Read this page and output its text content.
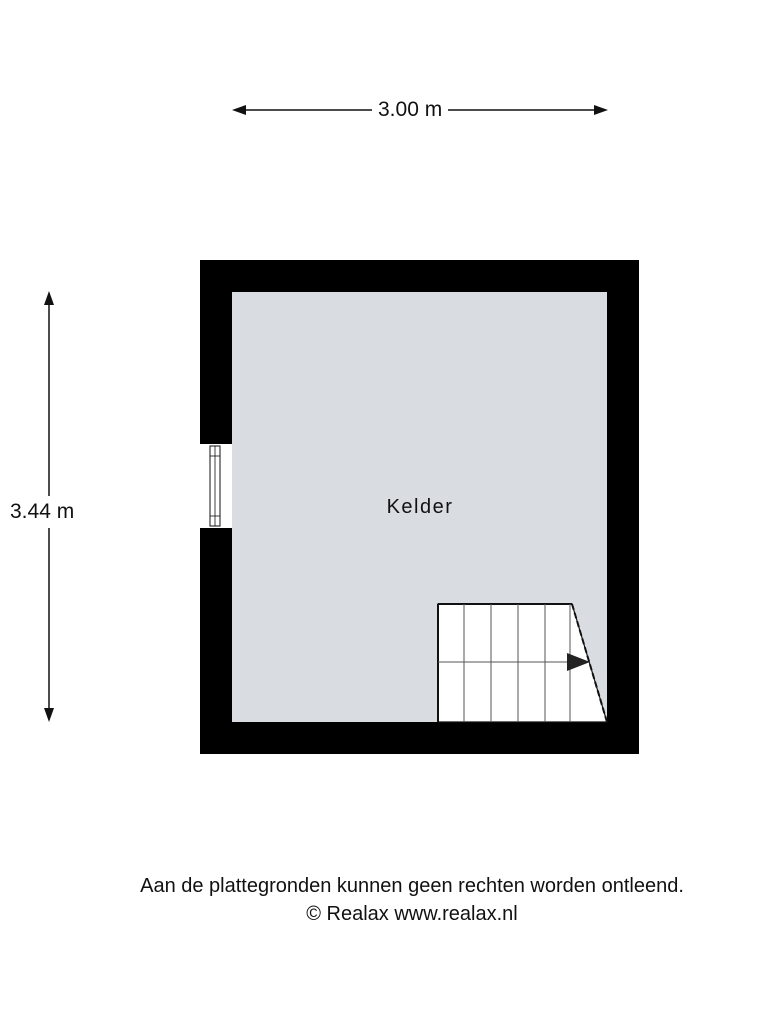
3.00 m
3.44 m	Kelder
Aan de plattegronden kunnen geen rechten worden ontleend.
© Realax www.realax.nl
